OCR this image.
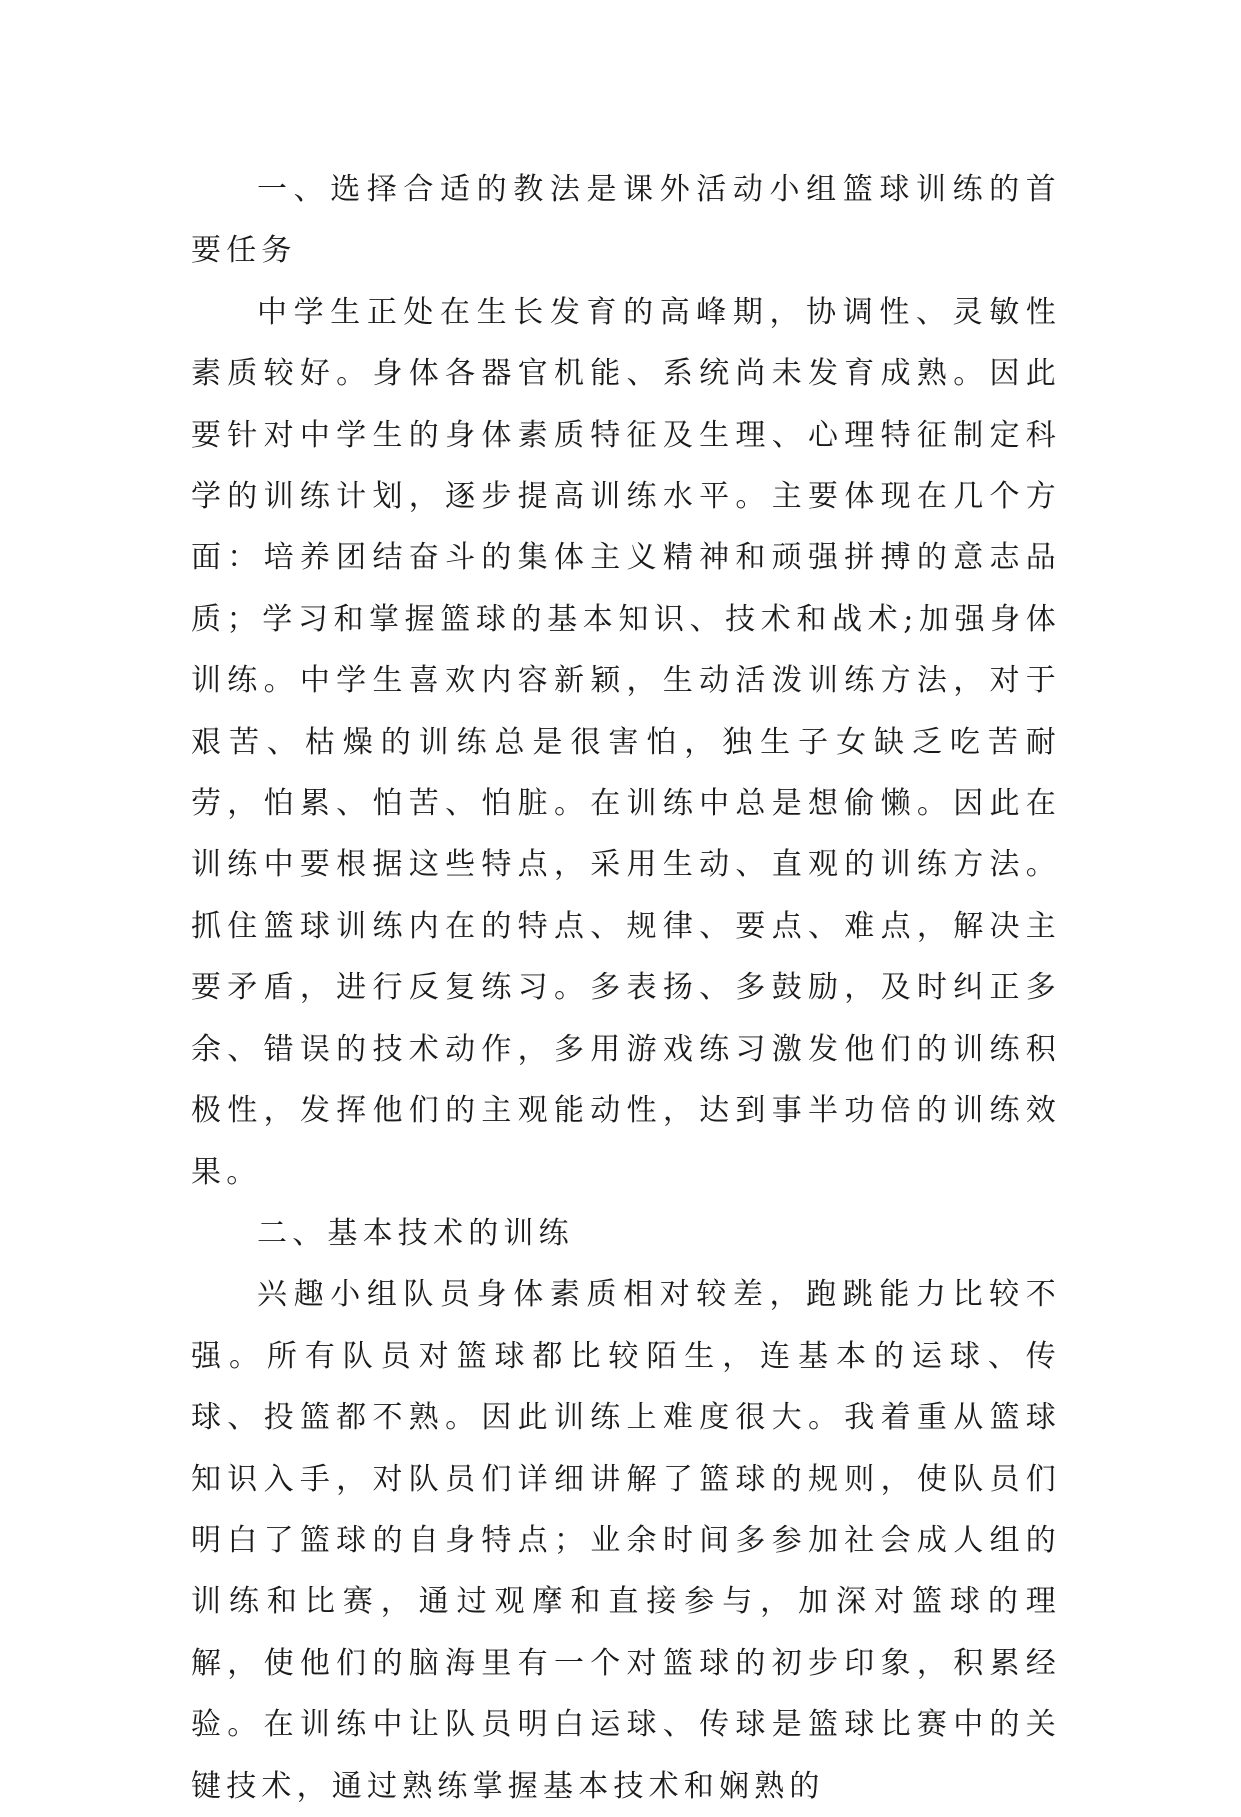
一、选择合适的教法是课外活动小组篮球训练的首要任务

中学生正处在生长发育的高峰期，协调性、灵敏性素质较好。身体各器官机能、系统尚未发育成熟。因此要针对中学生的身体素质特征及生理、心理特征制定科学的训练计划，逐步提高训练水平。主要体现在几个方面：培养团结奋斗的集体主义精神和顽强拼搏的意志品质；学习和掌握篮球的基本知识、技术和战术;加强身体训练。中学生喜欢内容新颖，生动活泼训练方法，对于艰苦、枯燥的训练总是很害怕，独生子女缺乏吃苦耐劳，怕累、怕苦、怕脏。在训练中总是想偷懒。因此在训练中要根据这些特点，采用生动、直观的训练方法。抓住篮球训练内在的特点、规律、要点、难点，解决主要矛盾，进行反复练习。多表扬、多鼓励，及时纠正多余、错误的技术动作，多用游戏练习激发他们的训练积极性，发挥他们的主观能动性，达到事半功倍的训练效果。

二、基本技术的训练

兴趣小组队员身体素质相对较差，跑跳能力比较不强。所有队员对篮球都比较陌生，连基本的运球、传球、投篮都不熟。因此训练上难度很大。我着重从篮球知识入手，对队员们详细讲解了篮球的规则，使队员们明白了篮球的自身特点；业余时间多参加社会成人组的训练和比赛，通过观摩和直接参与，加深对篮球的理解，使他们的脑海里有一个对篮球的初步印象，积累经验。在训练中让队员明白运球、传球是篮球比赛中的关键技术，通过熟练掌握基本技术和娴熟的
